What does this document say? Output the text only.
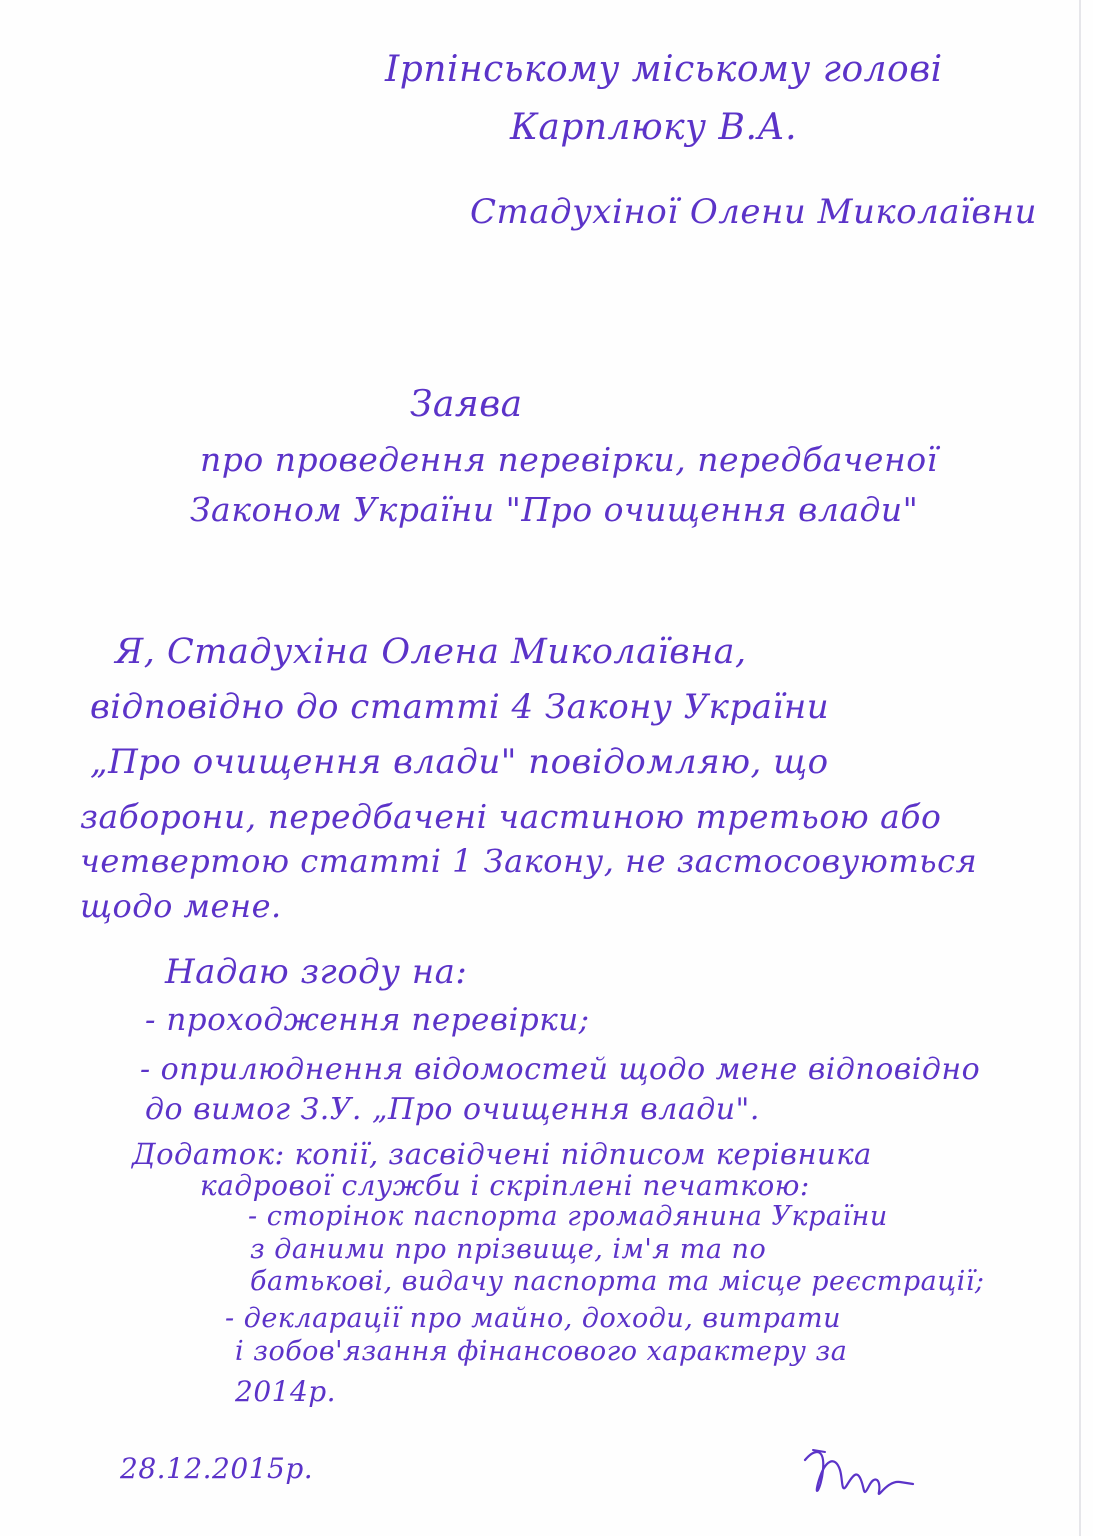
Ірпінському міському голові
Карплюку В.А.
Стадухіної Олени Миколаївни
Заява
про проведення перевірки, передбаченої
Законом України "Про очищення влади"
Я, Стадухіна Олена Миколаївна,
відповідно до статті 4 Закону України
„Про очищення влади" повідомляю, що
заборони, передбачені частиною третьою або
четвертою статті 1 Закону, не застосовуються
щодо мене.
Надаю згоду на:
- проходження перевірки;
- оприлюднення відомостей щодо мене відповідно
до вимог З.У. „Про очищення влади".
Додаток: копії, засвідчені підписом керівника
кадрової служби і скріплені печаткою:
- сторінок паспорта громадянина України
з даними про прізвище, ім'я та по
батькові, видачу паспорта та місце реєстрації;
- декларації про майно, доходи, витрати
і зобов'язання фінансового характеру за
2014р.
28.12.2015р.
